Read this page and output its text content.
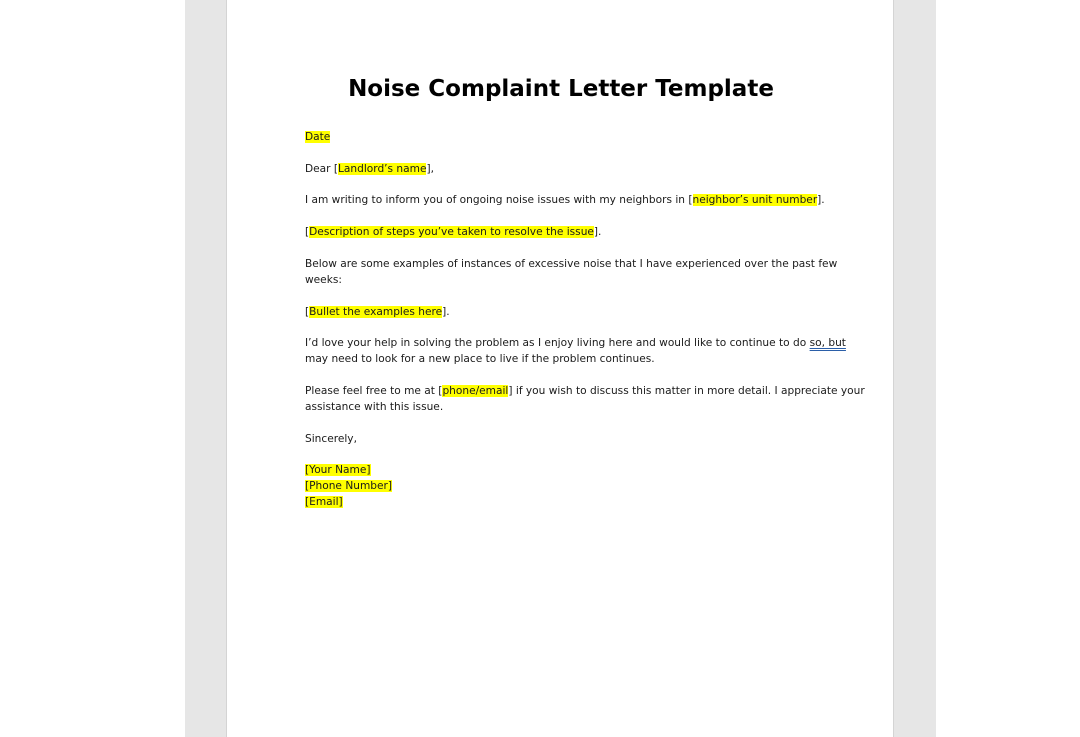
Noise Complaint Letter Template

Date

Dear [Landlord’s name],

I am writing to inform you of ongoing noise issues with my neighbors in [neighbor’s unit number].

[Description of steps you’ve taken to resolve the issue].

Below are some examples of instances of excessive noise that I have experienced over the past few

weeks:

[Bullet the examples here].

I’d love your help in solving the problem as I enjoy living here and would like to continue to do so, but

may need to look for a new place to live if the problem continues.

Please feel free to me at [phone/email] if you wish to discuss this matter in more detail. I appreciate your

assistance with this issue.

Sincerely,

[Your Name]

[Phone Number]

[Email]
